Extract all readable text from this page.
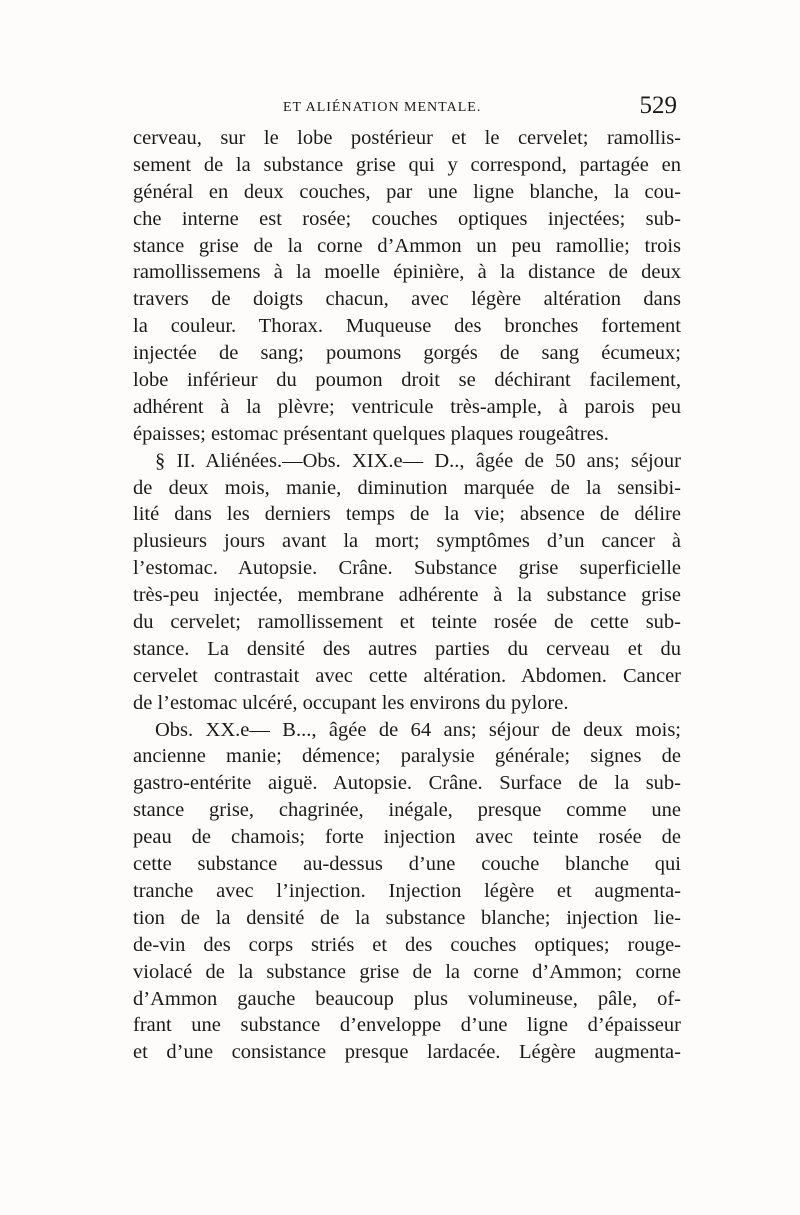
ET ALIÉNATION MENTALE.	529
cerveau, sur le lobe postérieur et le cervelet; ramollis-
sement de la substance grise qui y correspond, partagée en
général en deux couches, par une ligne blanche, la cou-
che interne est rosée; couches optiques injectées; sub-
stance grise de la corne d’Ammon un peu ramollie; trois
ramollissemens à la moelle épinière, à la distance de deux
travers de doigts chacun, avec légère altération dans
la couleur. Thorax. Muqueuse des bronches fortement
injectée de sang; poumons gorgés de sang écumeux;
lobe inférieur du poumon droit se déchirant facilement,
adhérent à la plèvre; ventricule très-ample, à parois peu
épaisses; estomac présentant quelques plaques rougeâtres.
§ II. Aliénées.—Obs. XIX.e— D.., âgée de 50 ans; séjour
de deux mois, manie, diminution marquée de la sensibi-
lité dans les derniers temps de la vie; absence de délire
plusieurs jours avant la mort; symptômes d’un cancer à
l’estomac. Autopsie. Crâne. Substance grise superficielle
très-peu injectée, membrane adhérente à la substance grise
du cervelet; ramollissement et teinte rosée de cette sub-
stance. La densité des autres parties du cerveau et du
cervelet contrastait avec cette altération. Abdomen. Cancer
de l’estomac ulcéré, occupant les environs du pylore.
Obs. XX.e— B..., âgée de 64 ans; séjour de deux mois;
ancienne manie; démence; paralysie générale; signes de
gastro-entérite aiguë. Autopsie. Crâne. Surface de la sub-
stance grise, chagrinée, inégale, presque comme une
peau de chamois; forte injection avec teinte rosée de
cette substance au-dessus d’une couche blanche qui
tranche avec l’injection. Injection légère et augmenta-
tion de la densité de la substance blanche; injection lie-
de-vin des corps striés et des couches optiques; rouge-
violacé de la substance grise de la corne d’Ammon; corne
d’Ammon gauche beaucoup plus volumineuse, pâle, of-
frant une substance d’enveloppe d’une ligne d’épaisseur
et d’une consistance presque lardacée. Légère augmenta-
